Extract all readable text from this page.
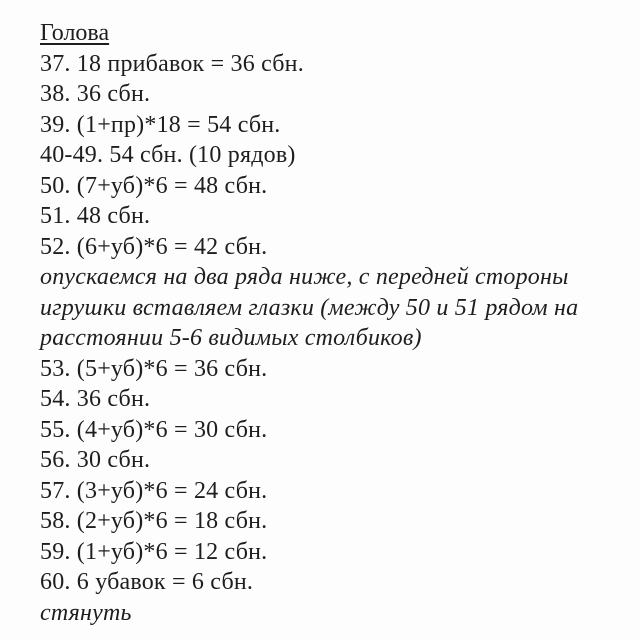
Голова

37. 18 прибавок = 36 сбн.

38. 36 сбн.

39. (1+пр)*18 = 54 сбн.

40-49. 54 сбн. (10 рядов)

50. (7+уб)*6 = 48 сбн.

51. 48 сбн.

52. (6+уб)*6 = 42 сбн.

опускаемся на два ряда ниже, с передней стороны игрушки вставляем глазки (между 50 и 51 рядом на расстоянии 5-6 видимых столбиков)

53. (5+уб)*6 = 36 сбн.

54. 36 сбн.

55. (4+уб)*6 = 30 сбн.

56. 30 сбн.

57. (3+уб)*6 = 24 сбн.

58. (2+уб)*6 = 18 сбн.

59. (1+уб)*6 = 12 сбн.

60. 6 убавок = 6 сбн.

стянуть
